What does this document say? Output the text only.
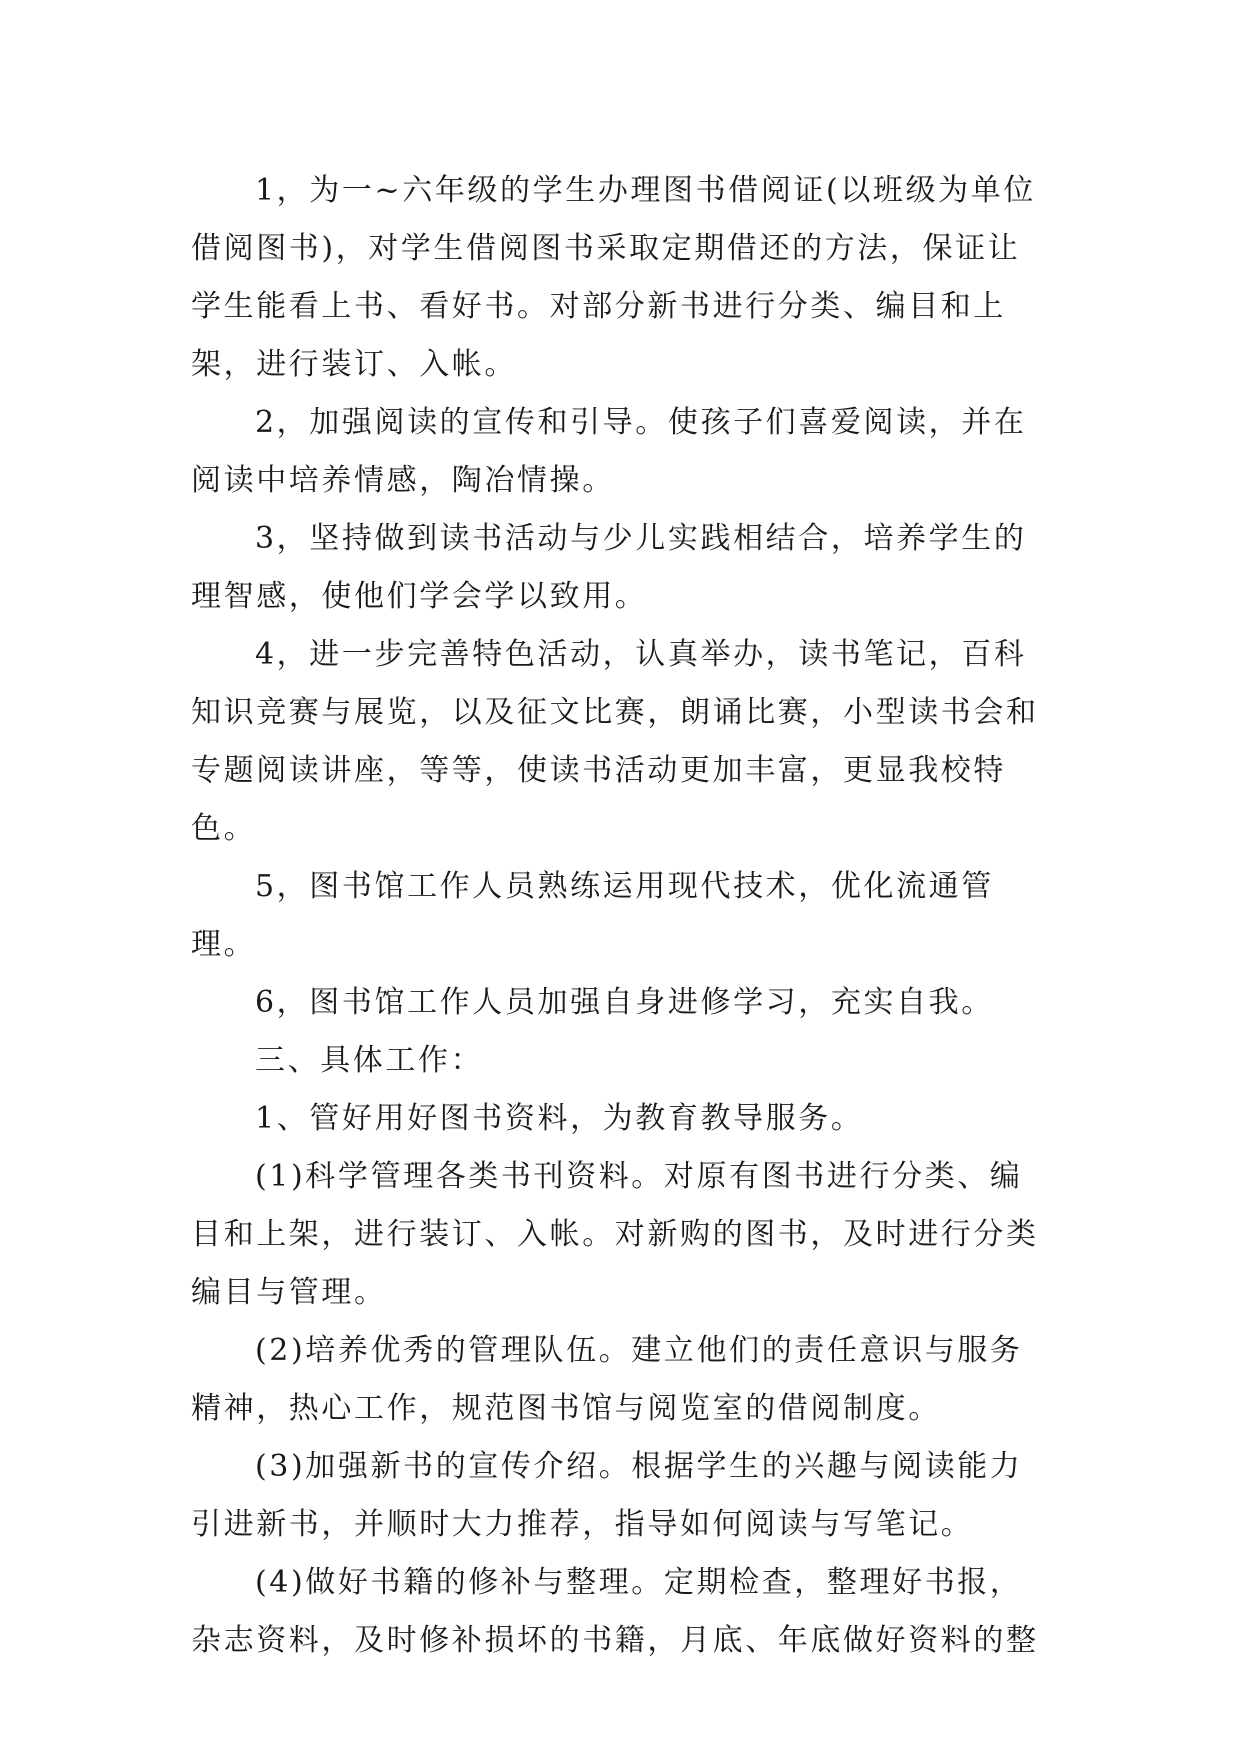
1，为一~六年级的学生办理图书借阅证(以班级为单位借阅图书)，对学生借阅图书采取定期借还的方法，保证让学生能看上书、看好书。对部分新书进行分类、编目和上架，进行装订、入帐。

2，加强阅读的宣传和引导。使孩子们喜爱阅读，并在阅读中培养情感，陶冶情操。

3，坚持做到读书活动与少儿实践相结合，培养学生的理智感，使他们学会学以致用。

4，进一步完善特色活动，认真举办，读书笔记，百科知识竞赛与展览，以及征文比赛，朗诵比赛，小型读书会和专题阅读讲座，等等，使读书活动更加丰富，更显我校特色。

5，图书馆工作人员熟练运用现代技术，优化流通管理。

6，图书馆工作人员加强自身进修学习，充实自我。

三、具体工作：

1、管好用好图书资料，为教育教导服务。

(1)科学管理各类书刊资料。对原有图书进行分类、编目和上架，进行装订、入帐。对新购的图书，及时进行分类编目与管理。

(2)培养优秀的管理队伍。建立他们的责任意识与服务精神，热心工作，规范图书馆与阅览室的借阅制度。

(3)加强新书的宣传介绍。根据学生的兴趣与阅读能力引进新书，并顺时大力推荐，指导如何阅读与写笔记。

(4)做好书籍的修补与整理。定期检查，整理好书报，杂志资料，及时修补损坏的书籍，月底、年底做好资料的整
